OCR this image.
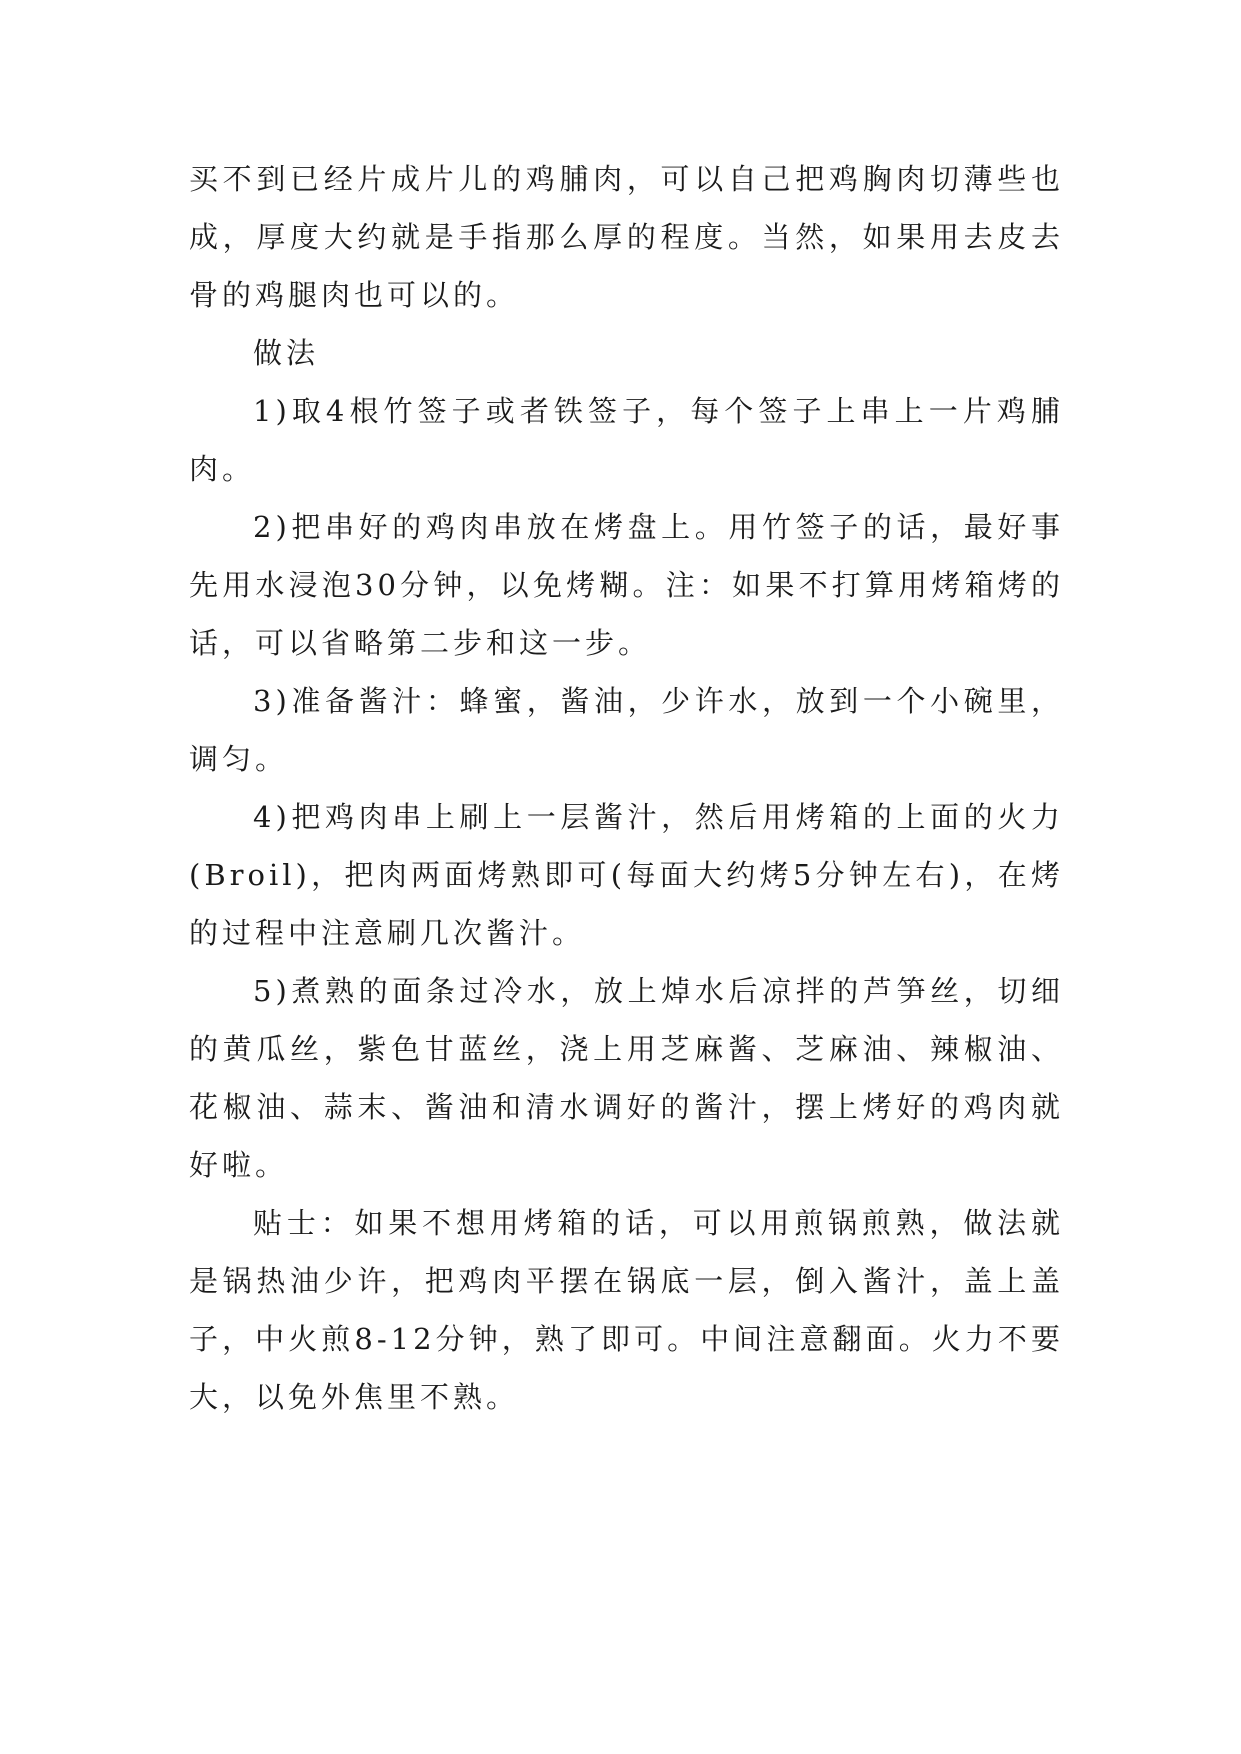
买不到已经片成片儿的鸡脯肉，可以自己把鸡胸肉切薄些也成，厚度大约就是手指那么厚的程度。当然，如果用去皮去骨的鸡腿肉也可以的。

做法

1)取4根竹签子或者铁签子，每个签子上串上一片鸡脯肉。

2)把串好的鸡肉串放在烤盘上。用竹签子的话，最好事先用水浸泡30分钟，以免烤糊。注：如果不打算用烤箱烤的话，可以省略第二步和这一步。

3)准备酱汁：蜂蜜，酱油，少许水，放到一个小碗里，调匀。

4)把鸡肉串上刷上一层酱汁，然后用烤箱的上面的火力(Broil)，把肉两面烤熟即可(每面大约烤5分钟左右)，在烤的过程中注意刷几次酱汁。

5)煮熟的面条过冷水，放上焯水后凉拌的芦笋丝，切细的黄瓜丝，紫色甘蓝丝，浇上用芝麻酱、芝麻油、辣椒油、花椒油、蒜末、酱油和清水调好的酱汁，摆上烤好的鸡肉就好啦。

贴士：如果不想用烤箱的话，可以用煎锅煎熟，做法就是锅热油少许，把鸡肉平摆在锅底一层，倒入酱汁，盖上盖子，中火煎8-12分钟，熟了即可。中间注意翻面。火力不要大，以免外焦里不熟。
